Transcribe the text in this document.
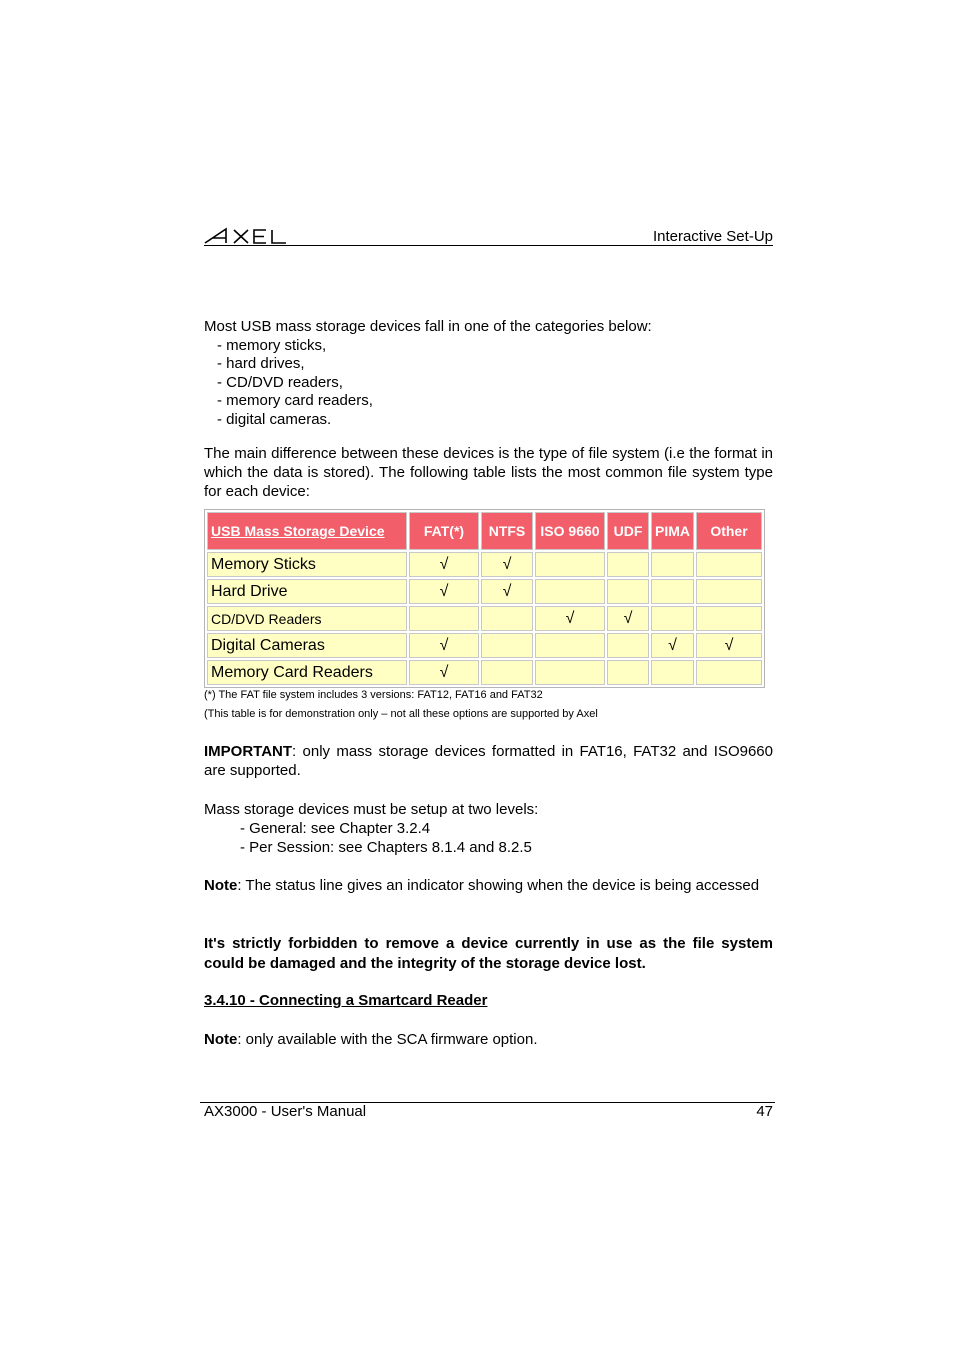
Interactive Set-Up
Most USB mass storage devices fall in one of the categories below:
- memory sticks,
- hard drives,
- CD/DVD readers,
- memory card readers,
- digital cameras.
The main difference between these devices is the type of file system (i.e the format in which the data is stored). The following table lists the most common file system type for each device:
USB Mass Storage Device	FAT(*)	NTFS	ISO 9660	UDF	PIMA	Other
Memory Sticks	√	√				
Hard Drive	√	√				
CD/DVD Readers			√	√		
Digital Cameras	√				√	√
Memory Card Readers	√					
(*) The FAT file system includes 3 versions: FAT12, FAT16 and FAT32
(This table is for demonstration only – not all these options are supported by Axel
IMPORTANT: only mass storage devices formatted in FAT16, FAT32 and ISO9660 are supported.
Mass storage devices must be setup at two levels:
- General: see Chapter 3.2.4
- Per Session: see Chapters 8.1.4 and 8.2.5
Note: The status line gives an indicator showing when the device is being accessed
It's strictly forbidden to remove a device currently in use as the file system could be damaged and the integrity of the storage device lost.
3.4.10 - Connecting a Smartcard Reader
Note: only available with the SCA firmware option.
AX3000 - User's Manual	47
